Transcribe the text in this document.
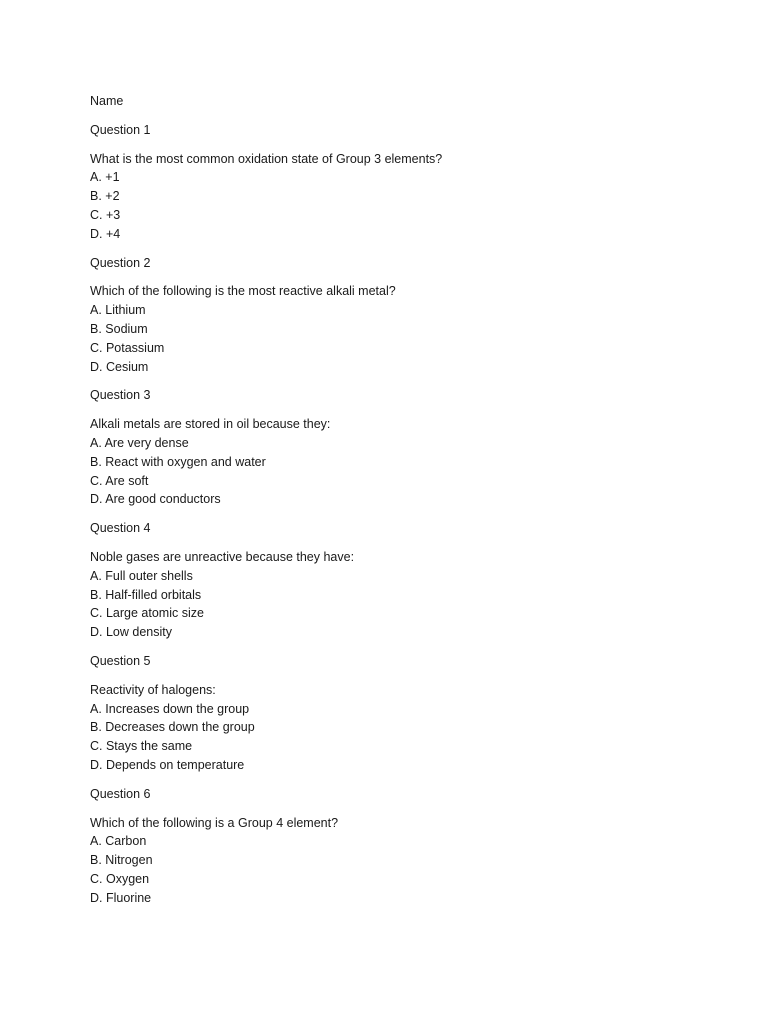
Name
Question 1
What is the most common oxidation state of Group 3 elements?
A. +1
B. +2
C. +3
D. +4
Question 2
Which of the following is the most reactive alkali metal?
A. Lithium
B. Sodium
C. Potassium
D. Cesium
Question 3
Alkali metals are stored in oil because they:
A. Are very dense
B. React with oxygen and water
C. Are soft
D. Are good conductors
Question 4
Noble gases are unreactive because they have:
A. Full outer shells
B. Half-filled orbitals
C. Large atomic size
D. Low density
Question 5
Reactivity of halogens:
A. Increases down the group
B. Decreases down the group
C. Stays the same
D. Depends on temperature
Question 6
Which of the following is a Group 4 element?
A. Carbon
B. Nitrogen
C. Oxygen
D. Fluorine
